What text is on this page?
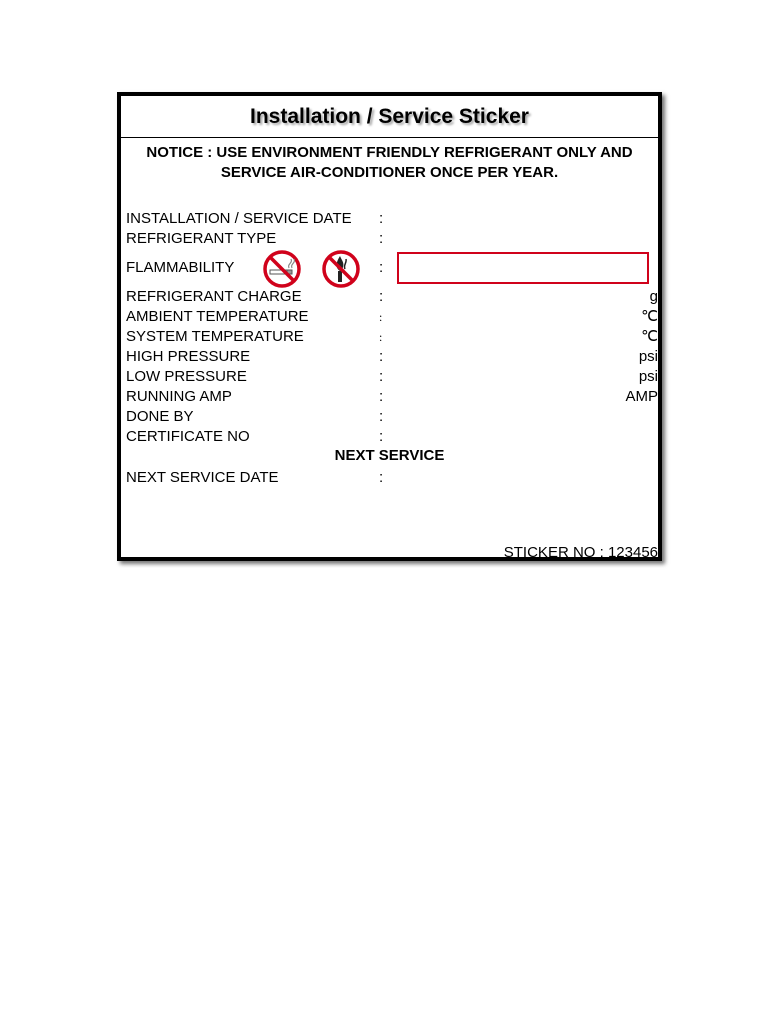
Installation / Service Sticker
NOTICE : USE ENVIRONMENT FRIENDLY REFRIGERANT ONLY AND
SERVICE AIR-CONDITIONER ONCE PER YEAR.
INSTALLATION / SERVICE DATE :
REFRIGERANT TYPE	:
FLAMMABILITY	:
REFRIGERANT CHARGE	:	g
AMBIENT TEMPERATURE	:	℃
SYSTEM TEMPERATURE	:	℃
HIGH PRESSURE	:	psi
LOW PRESSURE	:	psi
RUNNING AMP	:	AMP
DONE BY	:
CERTIFICATE NO	:
NEXT SERVICE
NEXT SERVICE DATE	:
STICKER NO : 123456
